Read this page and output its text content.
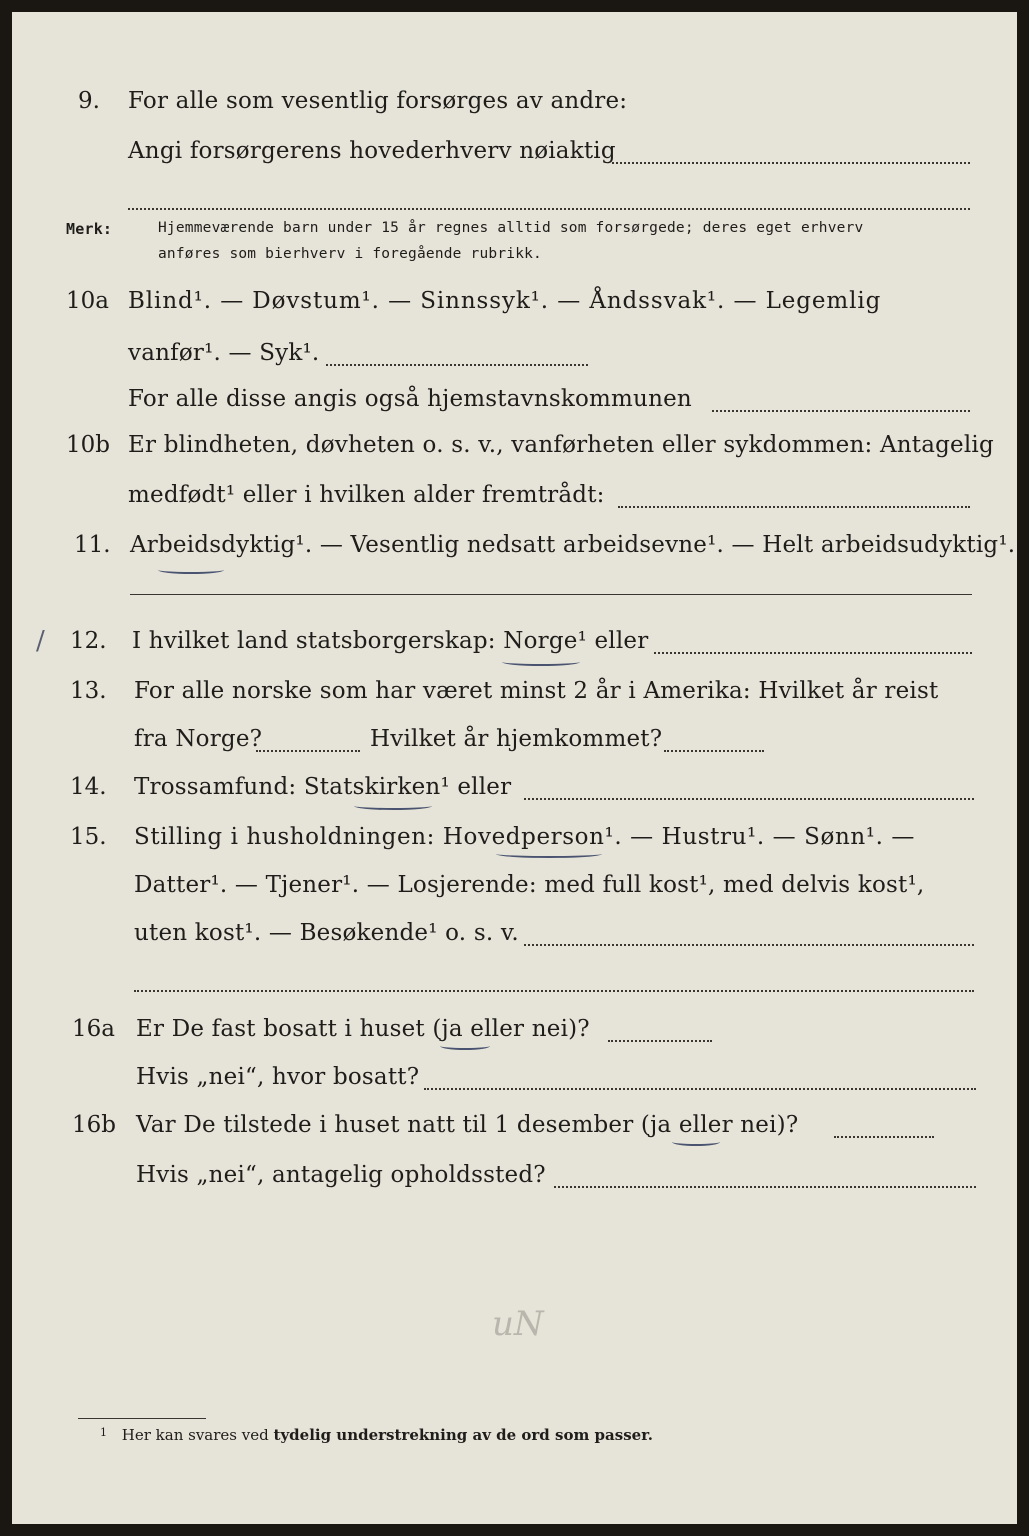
9. For alle som vesentlig forsørges av andre:
Angi forsørgerens hovederhverv nøiaktig
Merk:	Hjemmeværende barn under 15 år regnes alltid som forsørgede; deres eget erhverv
anføres som bierhverv i foregående rubrikk.
10a Blind¹. — Døvstum¹. — Sinnssyk¹. — Åndssvak¹. — Legemlig
vanfør¹. — Syk¹.
For alle disse angis også hjemstavnskommunen
10b Er blindheten, døvheten o. s. v., vanførheten eller sykdommen: Antagelig
medfødt¹ eller i hvilken alder fremtrådt:
11. Arbeidsdyktig¹. — Vesentlig nedsatt arbeidsevne¹. — Helt arbeidsudyktig¹.
/ 12. I hvilket land statsborgerskap: Norge¹ eller
13. For alle norske som har været minst 2 år i Amerika: Hvilket år reist
fra Norge?	Hvilket år hjemkommet?
14. Trossamfund: Statskirken¹ eller
15. Stilling i husholdningen: Hovedperson¹. — Hustru¹. — Sønn¹. —
Datter¹. — Tjener¹. — Losjerende: med full kost¹, med delvis kost¹,
uten kost¹. — Besøkende¹ o. s. v.
16a Er De fast bosatt i huset (ja eller nei)?
Hvis „nei“, hvor bosatt?
16b Var De tilstede i huset natt til 1 desember (ja eller nei)?
Hvis „nei“, antagelig opholdssted?
uN
$^1$ Her kan svares ved tydelig understrekning av de ord som passer.
